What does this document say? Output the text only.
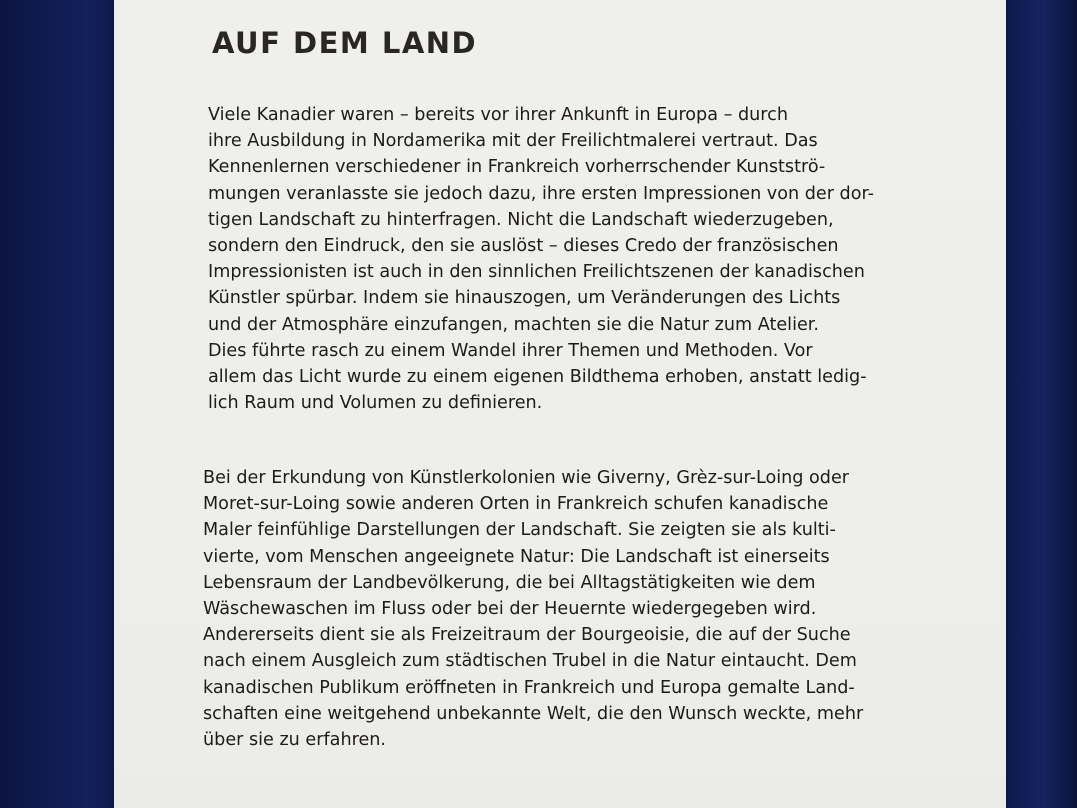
AUF DEM LAND
Viele Kanadier waren – bereits vor ihrer Ankunft in Europa – durch
ihre Ausbildung in Nordamerika mit der Freilichtmalerei vertraut. Das
Kennenlernen verschiedener in Frankreich vorherrschender Kunstströ-
mungen veranlasste sie jedoch dazu, ihre ersten Impressionen von der dor-
tigen Landschaft zu hinterfragen. Nicht die Landschaft wiederzugeben,
sondern den Eindruck, den sie auslöst – dieses Credo der französischen
Impressionisten ist auch in den sinnlichen Freilichtszenen der kanadischen
Künstler spürbar. Indem sie hinauszogen, um Veränderungen des Lichts
und der Atmosphäre einzufangen, machten sie die Natur zum Atelier.
Dies führte rasch zu einem Wandel ihrer Themen und Methoden. Vor
allem das Licht wurde zu einem eigenen Bildthema erhoben, anstatt ledig-
lich Raum und Volumen zu definieren.
Bei der Erkundung von Künstlerkolonien wie Giverny, Grèz-sur-Loing oder
Moret-sur-Loing sowie anderen Orten in Frankreich schufen kanadische
Maler feinfühlige Darstellungen der Landschaft. Sie zeigten sie als kulti-
vierte, vom Menschen angeeignete Natur: Die Landschaft ist einerseits
Lebensraum der Landbevölkerung, die bei Alltagstätigkeiten wie dem
Wäschewaschen im Fluss oder bei der Heuernte wiedergegeben wird.
Andererseits dient sie als Freizeitraum der Bourgeoisie, die auf der Suche
nach einem Ausgleich zum städtischen Trubel in die Natur eintaucht. Dem
kanadischen Publikum eröffneten in Frankreich und Europa gemalte Land-
schaften eine weitgehend unbekannte Welt, die den Wunsch weckte, mehr
über sie zu erfahren.
